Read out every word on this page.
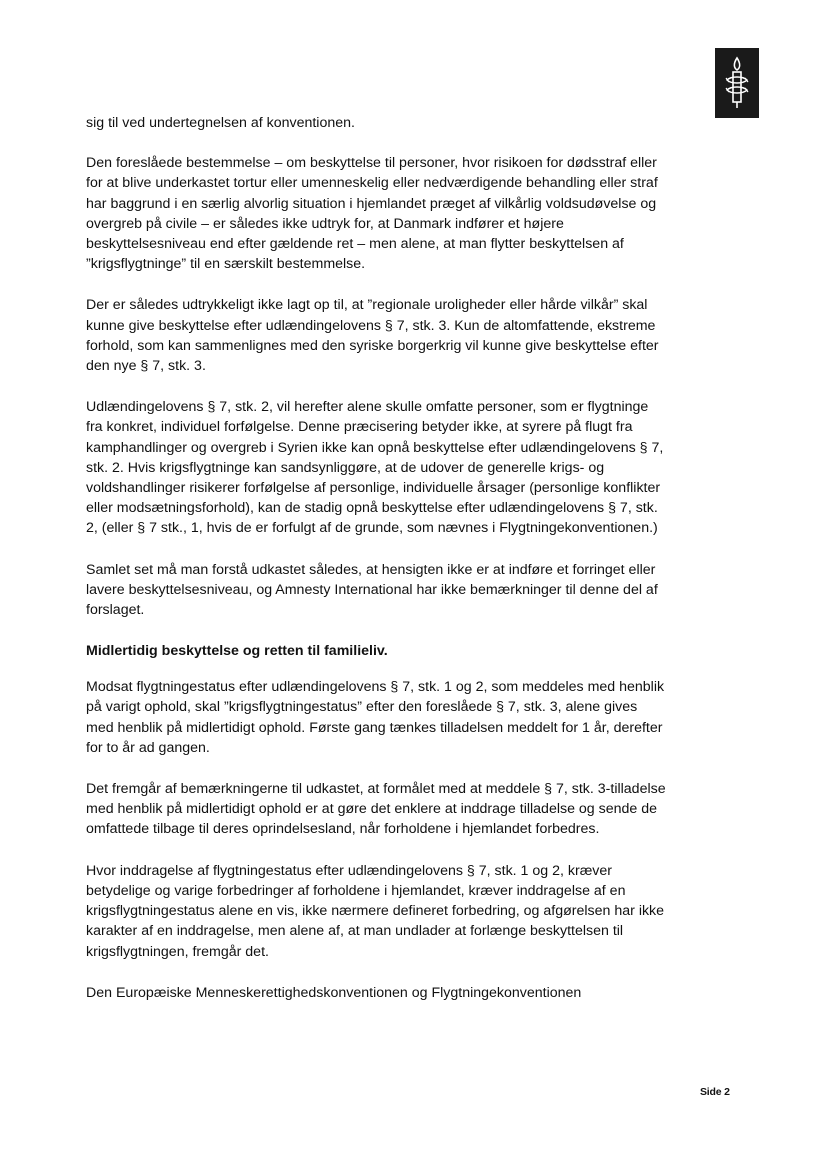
sig til ved undertegnelsen af konventionen.

Den foreslåede bestemmelse – om beskyttelse til personer, hvor risikoen for dødsstraf eller for at blive underkastet tortur eller umenneskelig eller nedværdigende behandling eller straf har baggrund i en særlig alvorlig situation i hjemlandet præget af vilkårlig voldsudøvelse og overgreb på civile – er således ikke udtryk for, at Danmark indfører et højere beskyttelsesniveau end efter gældende ret – men alene, at man flytter beskyttelsen af ”krigsflygtninge” til en særskilt bestemmelse.

Der er således udtrykkeligt ikke lagt op til, at ”regionale uroligheder eller hårde vilkår” skal kunne give beskyttelse efter udlændingelovens § 7, stk. 3. Kun de altomfattende, ekstreme forhold, som kan sammenlignes med den syriske borgerkrig vil kunne give beskyttelse efter den nye § 7, stk. 3.

Udlændingelovens § 7, stk. 2, vil herefter alene skulle omfatte personer, som er flygtninge fra konkret, individuel forfølgelse. Denne præcisering betyder ikke, at syrere på flugt fra kamphandlinger og overgreb i Syrien ikke kan opnå beskyttelse efter udlændingelovens § 7, stk. 2. Hvis krigsflygtninge kan sandsynliggøre, at de udover de generelle krigs- og voldshandlinger risikerer forfølgelse af personlige, individuelle årsager (personlige konflikter eller modsætningsforhold), kan de stadig opnå beskyttelse efter udlændingelovens § 7, stk. 2, (eller § 7 stk., 1, hvis de er forfulgt af de grunde, som nævnes i Flygtningekonventionen.)

Samlet set må man forstå udkastet således, at hensigten ikke er at indføre et forringet eller lavere beskyttelsesniveau, og Amnesty International har ikke bemærkninger til denne del af forslaget.

Midlertidig beskyttelse og retten til familieliv.

Modsat flygtningestatus efter udlændingelovens § 7, stk. 1 og 2, som meddeles med henblik på varigt ophold, skal ”krigsflygtningestatus” efter den foreslåede § 7, stk. 3, alene gives med henblik på midlertidigt ophold. Første gang tænkes tilladelsen meddelt for 1 år, derefter for to år ad gangen.

Det fremgår af bemærkningerne til udkastet, at formålet med at meddele § 7, stk. 3-tilladelse med henblik på midlertidigt ophold er at gøre det enklere at inddrage tilladelse og sende de omfattede tilbage til deres oprindelsesland, når forholdene i hjemlandet forbedres.

Hvor inddragelse af flygtningestatus efter udlændingelovens § 7, stk. 1 og 2, kræver betydelige og varige forbedringer af forholdene i hjemlandet, kræver inddragelse af en krigsflygtningestatus alene en vis, ikke nærmere defineret forbedring, og afgørelsen har ikke karakter af en inddragelse, men alene af, at man undlader at forlænge beskyttelsen til krigsflygtningen, fremgår det.

Den Europæiske Menneskerettighedskonventionen og Flygtningekonventionen

Side 2
